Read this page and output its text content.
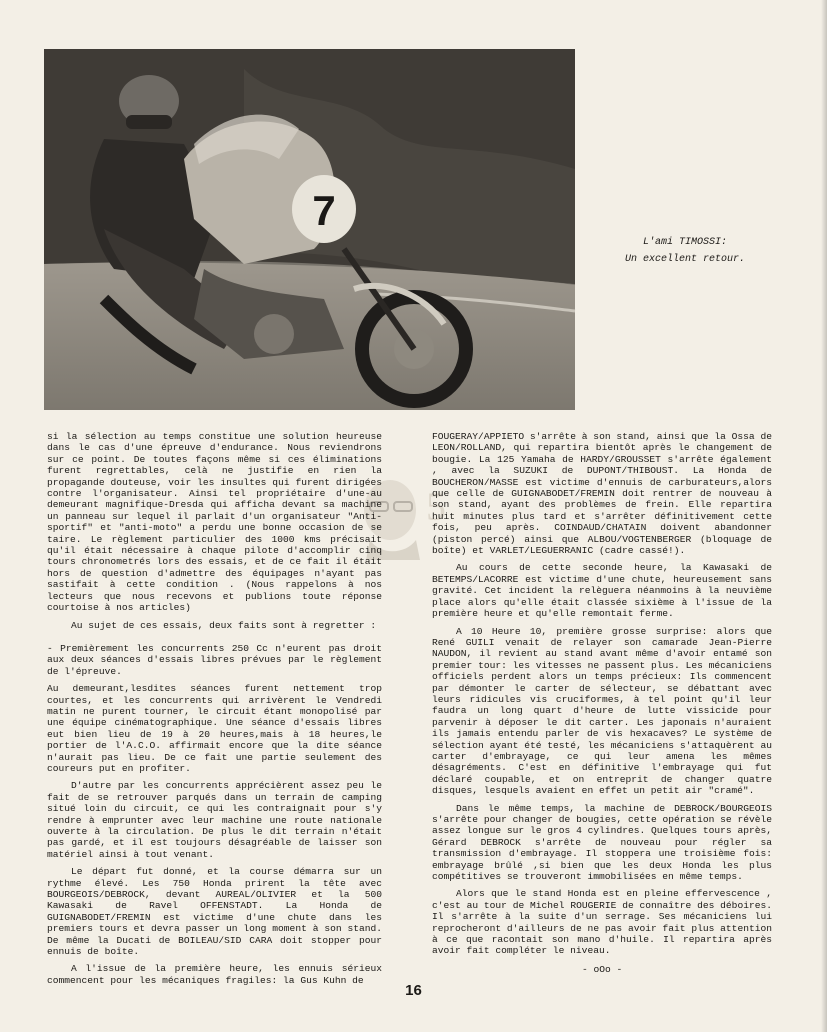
7
L'ami TIMOSSI:
Un excellent retour.
5

si la sélection au temps constitue une solution heureuse dans le cas d'une épreuve d'endurance. Nous reviendrons sur ce point. De toutes façons même si ces éliminations furent regrettables, celà ne justifie en rien la propagande douteuse, voir les insultes qui furent dirigées contre l'organisateur. Ainsi tel propriétaire d'une-au demeurant magnifique-Dresda qui afficha devant sa machine un panneau sur lequel il parlait d'un organisateur "Anti-sportif" et "anti-moto" a perdu une bonne occasion de se taire. Le règlement particulier des 1000 kms précisait qu'il était nécessaire à chaque pilote d'accomplir cinq tours chronometrés lors des essais, et de ce fait il était hors de question d'admettre des équipages n'ayant pas sastifait à cette condition . (Nous rappelons à nos lecteurs que nous recevons et publions toute réponse courtoise à nos articles)

Au sujet de ces essais, deux faits sont à regretter :

- Premièrement les concurrents 250 Cc n'eurent pas droit aux deux séances d'essais libres prévues par le règlement de l'épreuve.

Au demeurant,lesdites séances furent nettement trop courtes, et les concurrents qui arrivèrent le Vendredi matin ne purent tourner, le circuit étant monopolisé par une équipe cinématographique. Une séance d'essais libres eut bien lieu de 19 à 20 heures,mais à 18 heures,le portier de l'A.C.O. affirmait encore que la dite séance n'aurait pas lieu. De ce fait une partie seulement des coureurs put en profiter.

D'autre par les concurrents apprécièrent assez peu le fait de se retrouver parqués dans un terrain de camping situé loin du circuit, ce qui les contraignait pour s'y rendre à emprunter avec leur machine une route nationale ouverte à la circulation. De plus le dit terrain n'était pas gardé, et il est toujours désagréable de laisser son matériel ainsi à tout venant.

Le départ fut donné, et la course démarra sur un rythme élevé. Les 750 Honda prirent la tête avec BOURGEOIS/DEBROCK, devant AUREAL/OLIVIER et la 500 Kawasaki de Ravel OFFENSTADT. La Honda de GUIGNABODET/FREMIN est victime d'une chute dans les premiers tours et devra passer un long moment à son stand. De même la Ducati de BOILEAU/SID CARA doit stopper pour ennuis de boîte.

A l'issue de la première heure, les ennuis sérieux commencent pour les mécaniques fragiles: la Gus Kuhn de

FOUGERAY/APPIETO s'arrête à son stand, ainsi que la Ossa de LEON/ROLLAND, qui repartira bientôt après le changement de bougie. La 125 Yamaha de HARDY/GROUSSET s'arrête également , avec la SUZUKI de DUPONT/THIBOUST. La Honda de BOUCHERON/MASSE est victime d'ennuis de carburateurs,alors que celle de GUIGNABODET/FREMIN doit rentrer de nouveau à son stand, ayant des problèmes de frein. Elle repartira huit minutes plus tard et s'arrêter définitivement cette fois, peu après. COINDAUD/CHATAIN doivent abandonner (piston percé) ainsi que ALBOU/VOGTENBERGER (bloquage de boîte) et VARLET/LEGUERRANIC (cadre cassé!).

Au cours de cette seconde heure, la Kawasaki de BETEMPS/LACORRE est victime d'une chute, heureusement sans gravité. Cet incident la relèguera néanmoins à la neuvième place alors qu'elle était classée sixième à l'issue de la première heure et qu'elle remontait ferme.

A 10 Heure 10, première grosse surprise: alors que René GUILI venait de relayer son camarade Jean-Pierre NAUDON, il revient au stand avant même d'avoir entamé son premier tour: les vitesses ne passent plus. Les mécaniciens officiels perdent alors un temps précieux: Ils commencent par démonter le carter de sélecteur, se débattant avec leurs ridicules vis cruciformes, à tel point qu'il leur faudra un long quart d'heure de lutte vissicide pour parvenir à déposer le dit carter. Les japonais n'auraient ils jamais entendu parler de vis hexacaves? Le système de sélection ayant été testé, les mécaniciens s'attaquèrent au carter d'embrayage, ce qui leur amena les mêmes désagréments. C'est en définitive l'embrayage qui fut déclaré coupable, et on entreprit de changer quatre disques, lesquels avaient en effet un petit air "cramé".

Dans le même temps, la machine de DEBROCK/BOURGEOIS s'arrête pour changer de bougies, cette opération se révèle assez longue sur le gros 4 cylindres. Quelques tours après, Gérard DEBROCK s'arrête de nouveau pour régler sa transmission d'embrayage. Il stoppera une troisième fois: embrayage brûlé ,si bien que les deux Honda les plus compétitives se trouveront immobilisées en même temps.

Alors que le stand Honda est en pleine effervescence , c'est au tour de Michel ROUGERIE de connaître des déboires. Il s'arrête à la suite d'un serrage. Ses mécaniciens lui reprocheront d'ailleurs de ne pas avoir fait plus attention à ce que racontait son mano d'huile. Il repartira après avoir fait compléter le niveau.

- oOo -
16
